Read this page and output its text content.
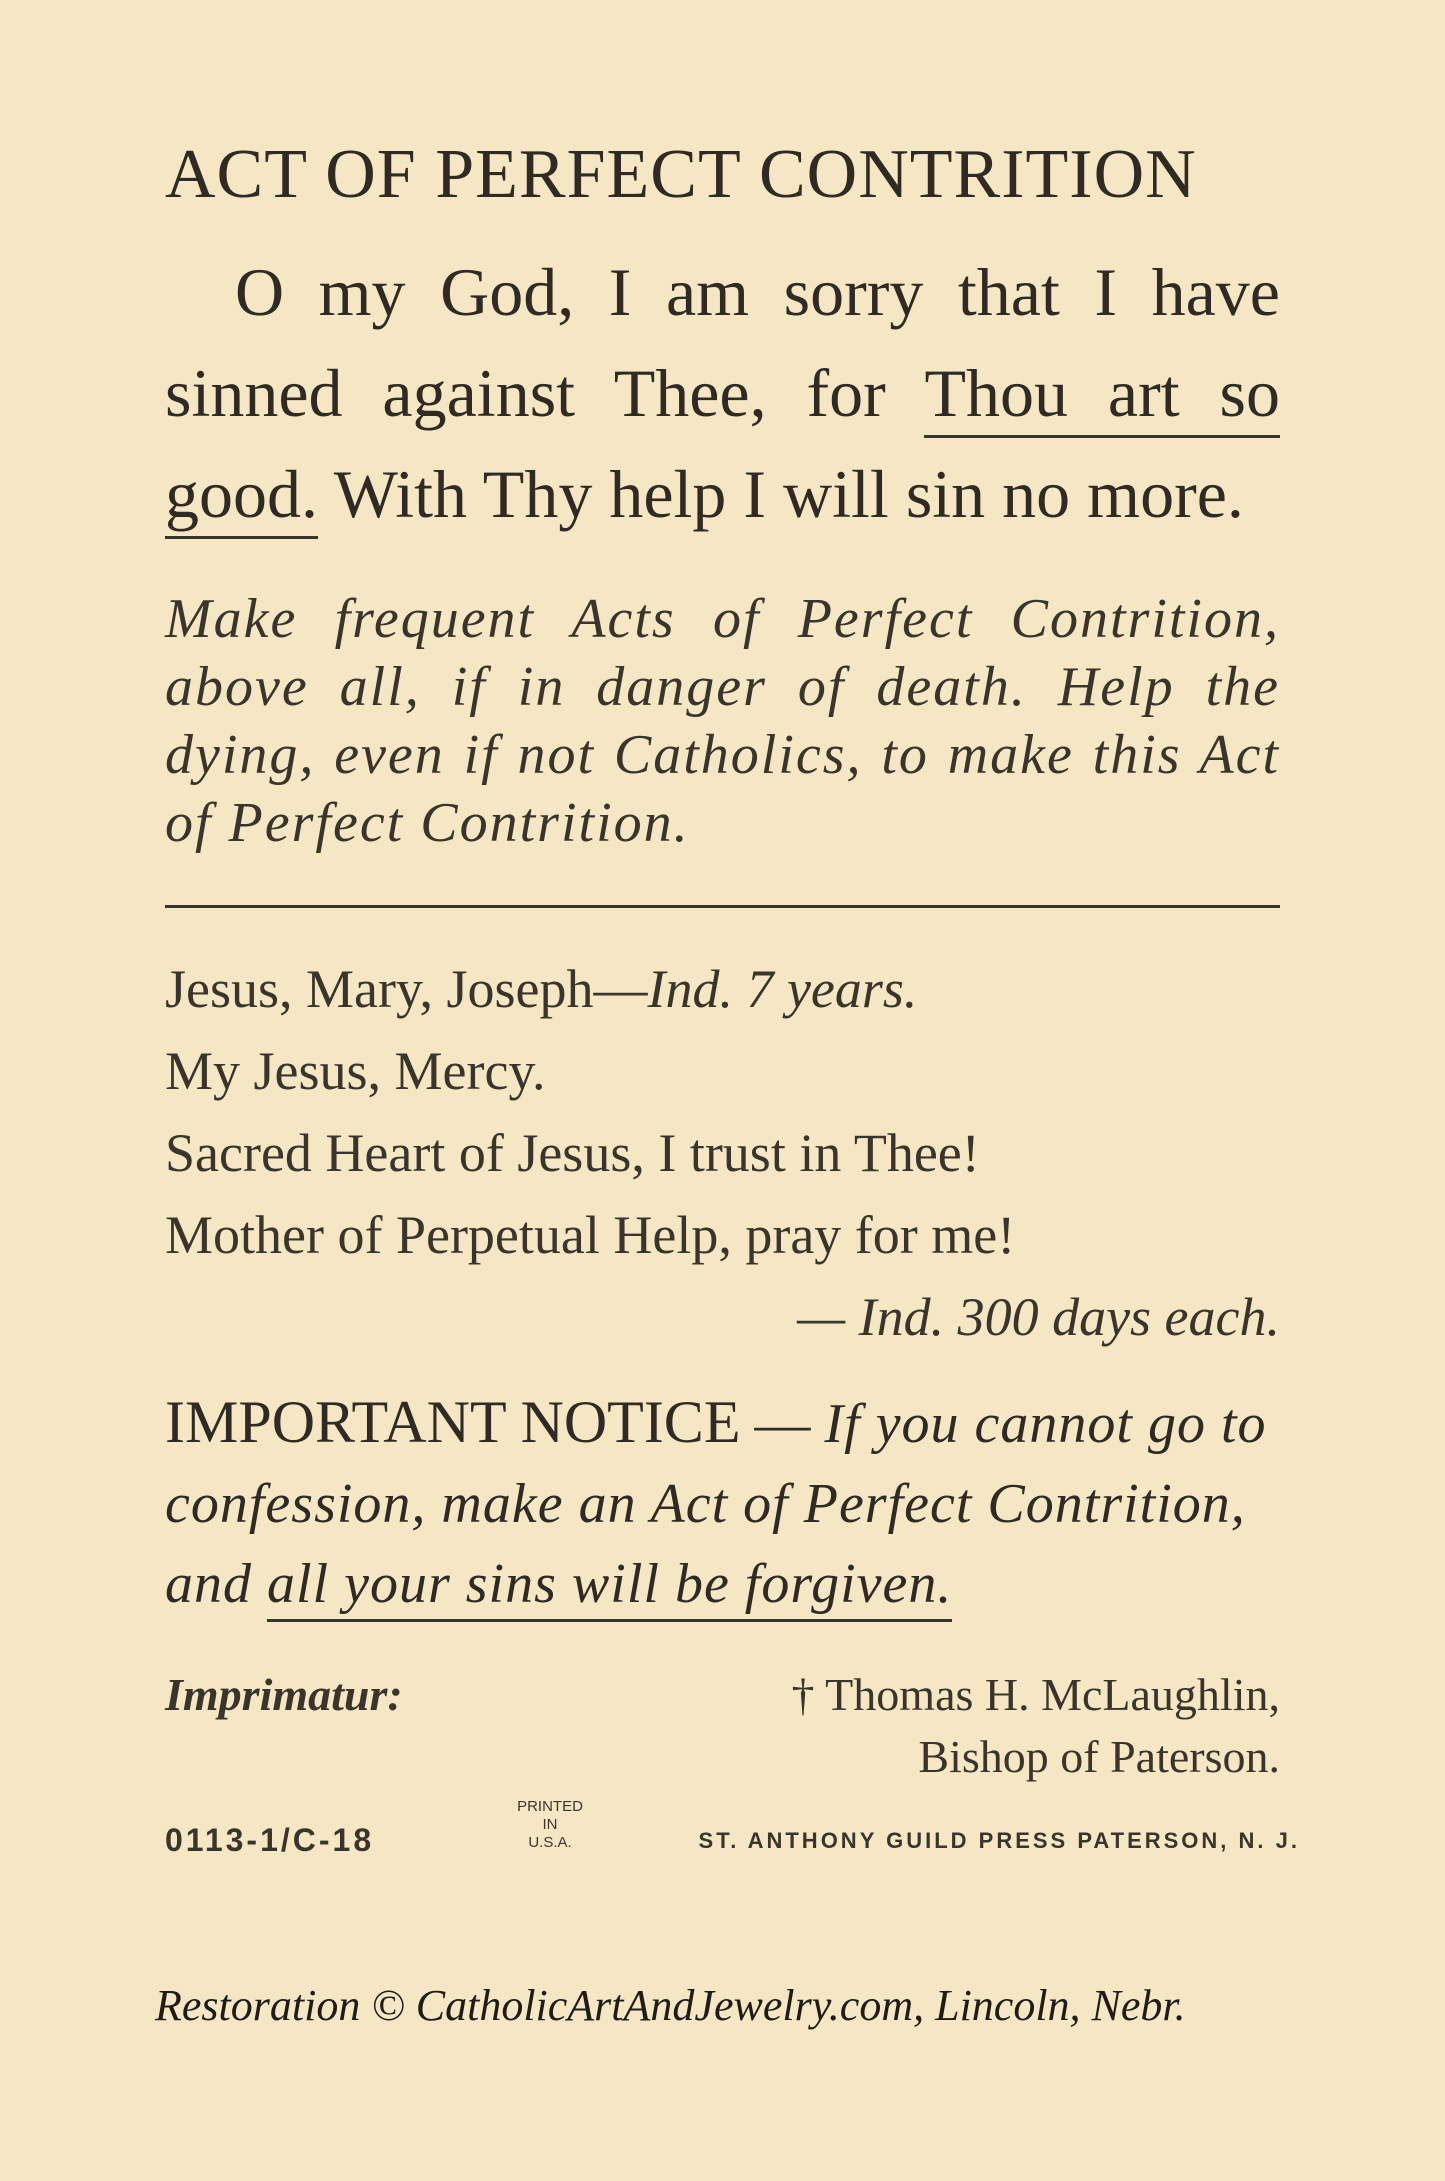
ACT OF PERFECT CONTRITION
O my God, I am sorry that I have sinned against Thee, for Thou art so good. With Thy help I will sin no more.
Make frequent Acts of Perfect Contrition, above all, if in danger of death. Help the dying, even if not Catholics, to make this Act of Perfect Contrition.
Jesus, Mary, Joseph — Ind. 7 years.
My Jesus, Mercy.
Sacred Heart of Jesus, I trust in Thee!
Mother of Perpetual Help, pray for me!
— Ind. 300 days each.
IMPORTANT NOTICE — If you cannot go to confession, make an Act of Perfect Contrition, and all your sins will be forgiven.
Imprimatur:	† Thomas H. McLaughlin,
Bishop of Paterson.
0113-1/C-18
PRINTED
IN
U.S.A.	ST. ANTHONY GUILD PRESS PATERSON, N. J.
Restoration © CatholicArtAndJewelry.com, Lincoln, Nebr.
